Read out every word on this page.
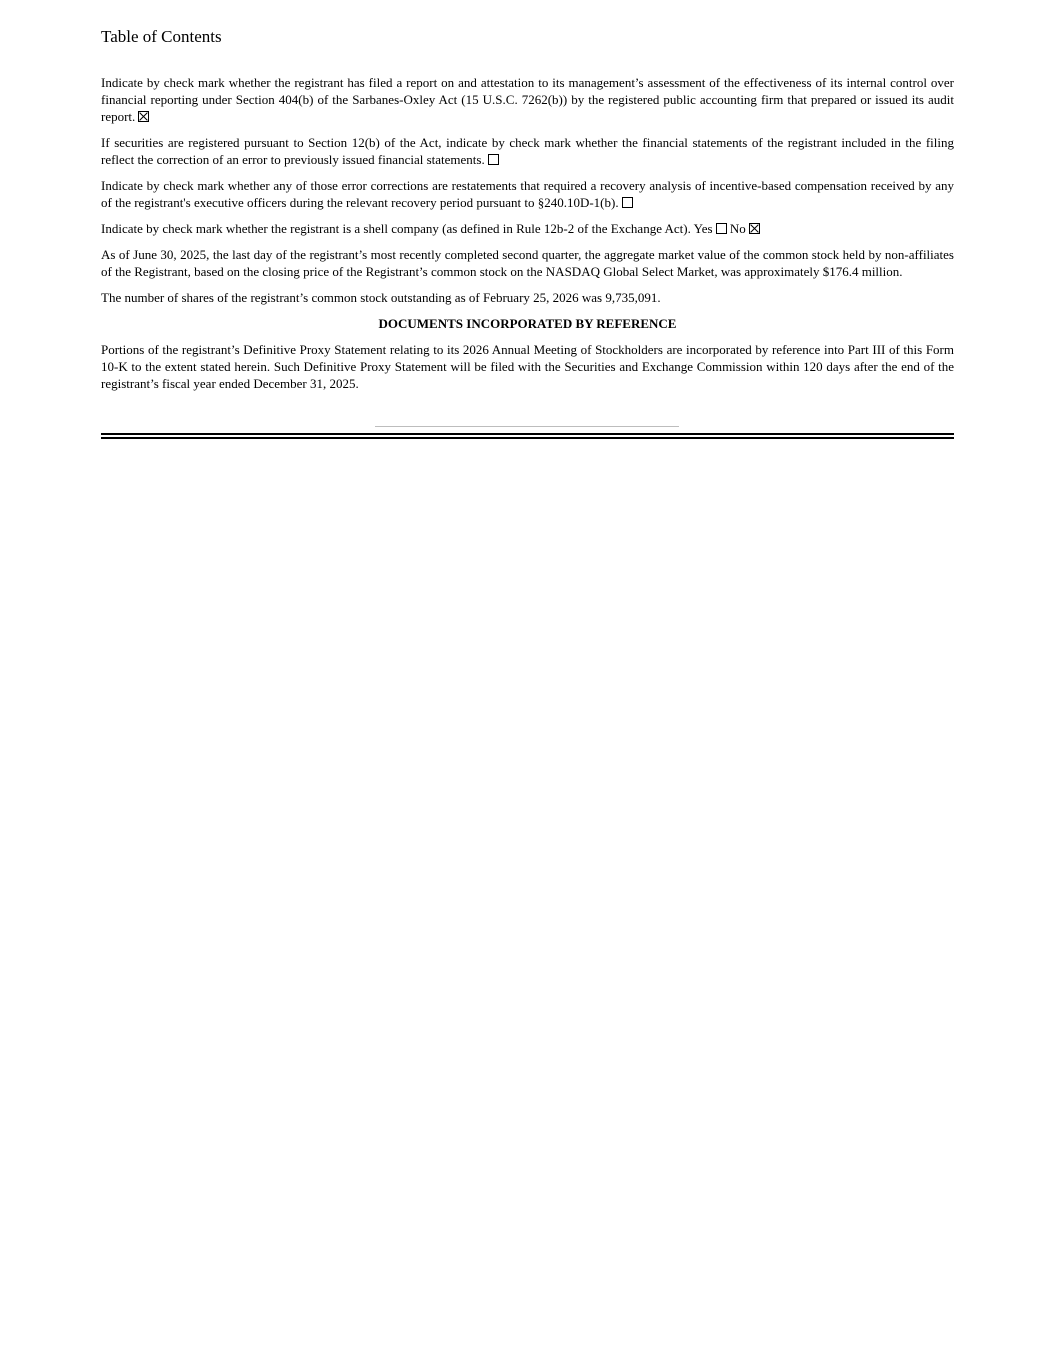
Table of Contents

Indicate by check mark whether the registrant has filed a report on and attestation to its management’s assessment of the effectiveness of its internal control over financial reporting under Section 404(b) of the Sarbanes-Oxley Act (15 U.S.C. 7262(b)) by the registered public accounting firm that prepared or issued its audit report.

If securities are registered pursuant to Section 12(b) of the Act, indicate by check mark whether the financial statements of the registrant included in the filing reflect the correction of an error to previously issued financial statements.

Indicate by check mark whether any of those error corrections are restatements that required a recovery analysis of incentive-based compensation received by any of the registrant's executive officers during the relevant recovery period pursuant to §240.10D-1(b).

Indicate by check mark whether the registrant is a shell company (as defined in Rule 12b-2 of the Exchange Act). Yes No

As of June 30, 2025, the last day of the registrant’s most recently completed second quarter, the aggregate market value of the common stock held by non-affiliates of the Registrant, based on the closing price of the Registrant’s common stock on the NASDAQ Global Select Market, was approximately $176.4 million.

The number of shares of the registrant’s common stock outstanding as of February 25, 2026 was 9,735,091.

DOCUMENTS INCORPORATED BY REFERENCE

Portions of the registrant’s Definitive Proxy Statement relating to its 2026 Annual Meeting of Stockholders are incorporated by reference into Part III of this Form 10-K to the extent stated herein. Such Definitive Proxy Statement will be filed with the Securities and Exchange Commission within 120 days after the end of the registrant’s fiscal year ended December 31, 2025.
